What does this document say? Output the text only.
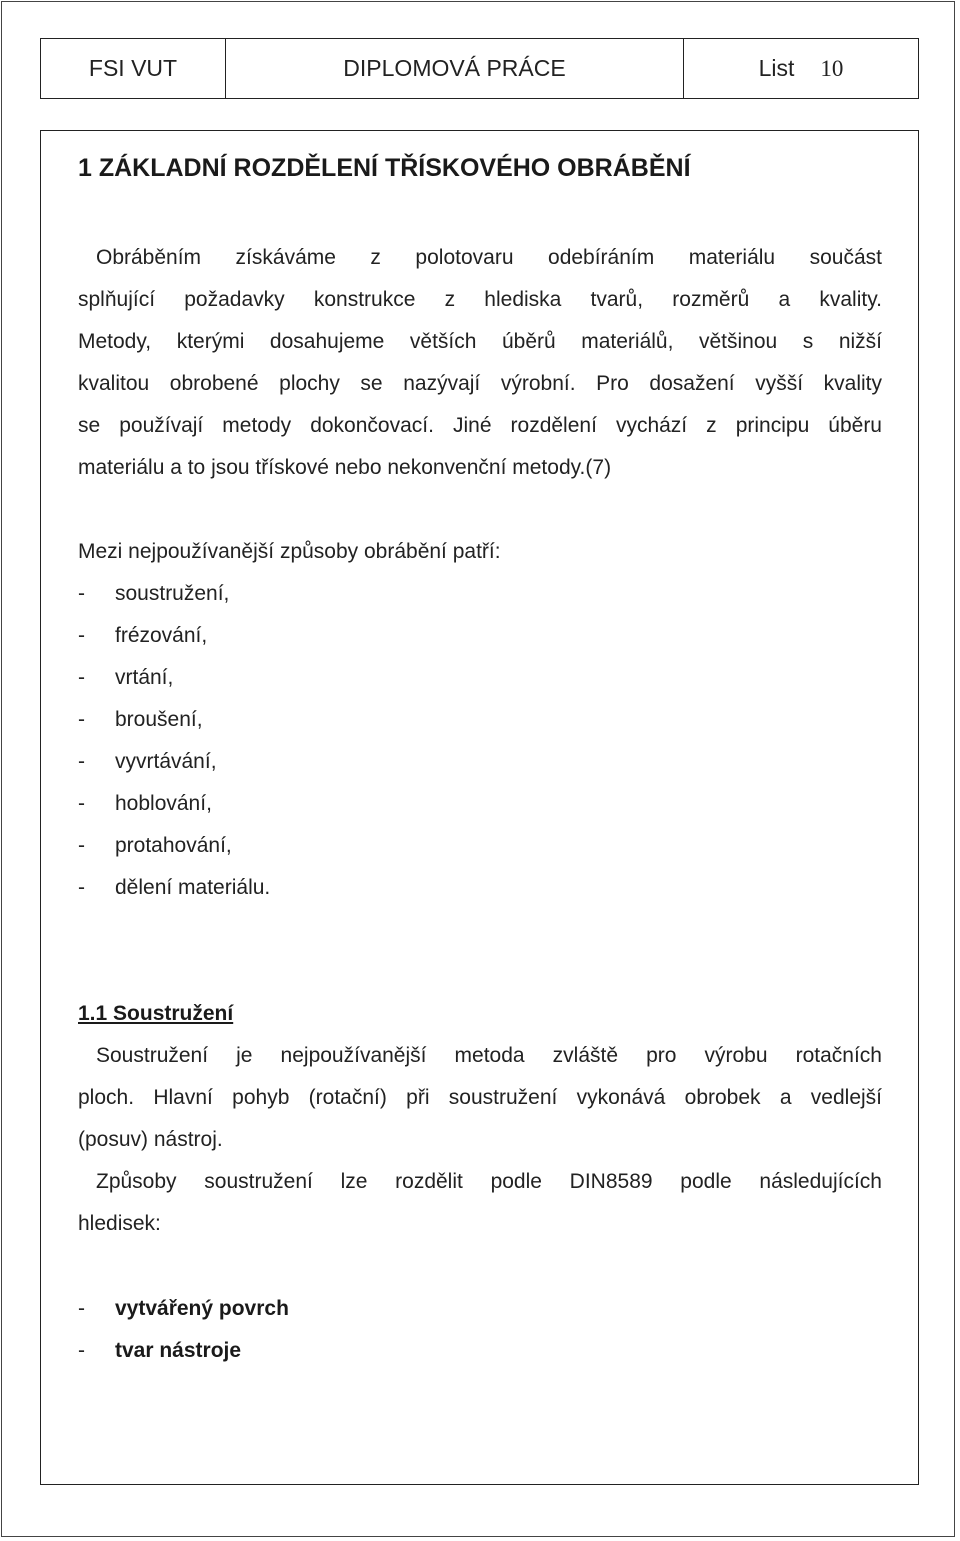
FSI VUT	DIPLOMOVÁ PRÁCE	List 10
1 ZÁKLADNÍ ROZDĚLENÍ TŘÍSKOVÉHO OBRÁBĚNÍ
Obráběním získáváme z polotovaru odebíráním materiálu součást
splňující požadavky konstrukce z hlediska tvarů, rozměrů a kvality.
Metody, kterými dosahujeme větších úběrů materiálů, většinou s nižší
kvalitou obrobené plochy se nazývají výrobní. Pro dosažení vyšší kvality
se používají metody dokončovací. Jiné rozdělení vychází z principu úběru
materiálu a to jsou třískové nebo nekonvenční metody.(7)
Mezi nejpoužívanější způsoby obrábění patří:
- soustružení,
- frézování,
- vrtání,
- broušení,
- vyvrtávání,
- hoblování,
- protahování,
- dělení materiálu.
1.1 Soustružení
Soustružení je nejpoužívanější metoda zvláště pro výrobu rotačních
ploch. Hlavní pohyb (rotační) při soustružení vykonává obrobek a vedlejší
(posuv) nástroj.
Způsoby soustružení lze rozdělit podle DIN8589 podle následujících
hledisek:
- vytvářený povrch
- tvar nástroje
